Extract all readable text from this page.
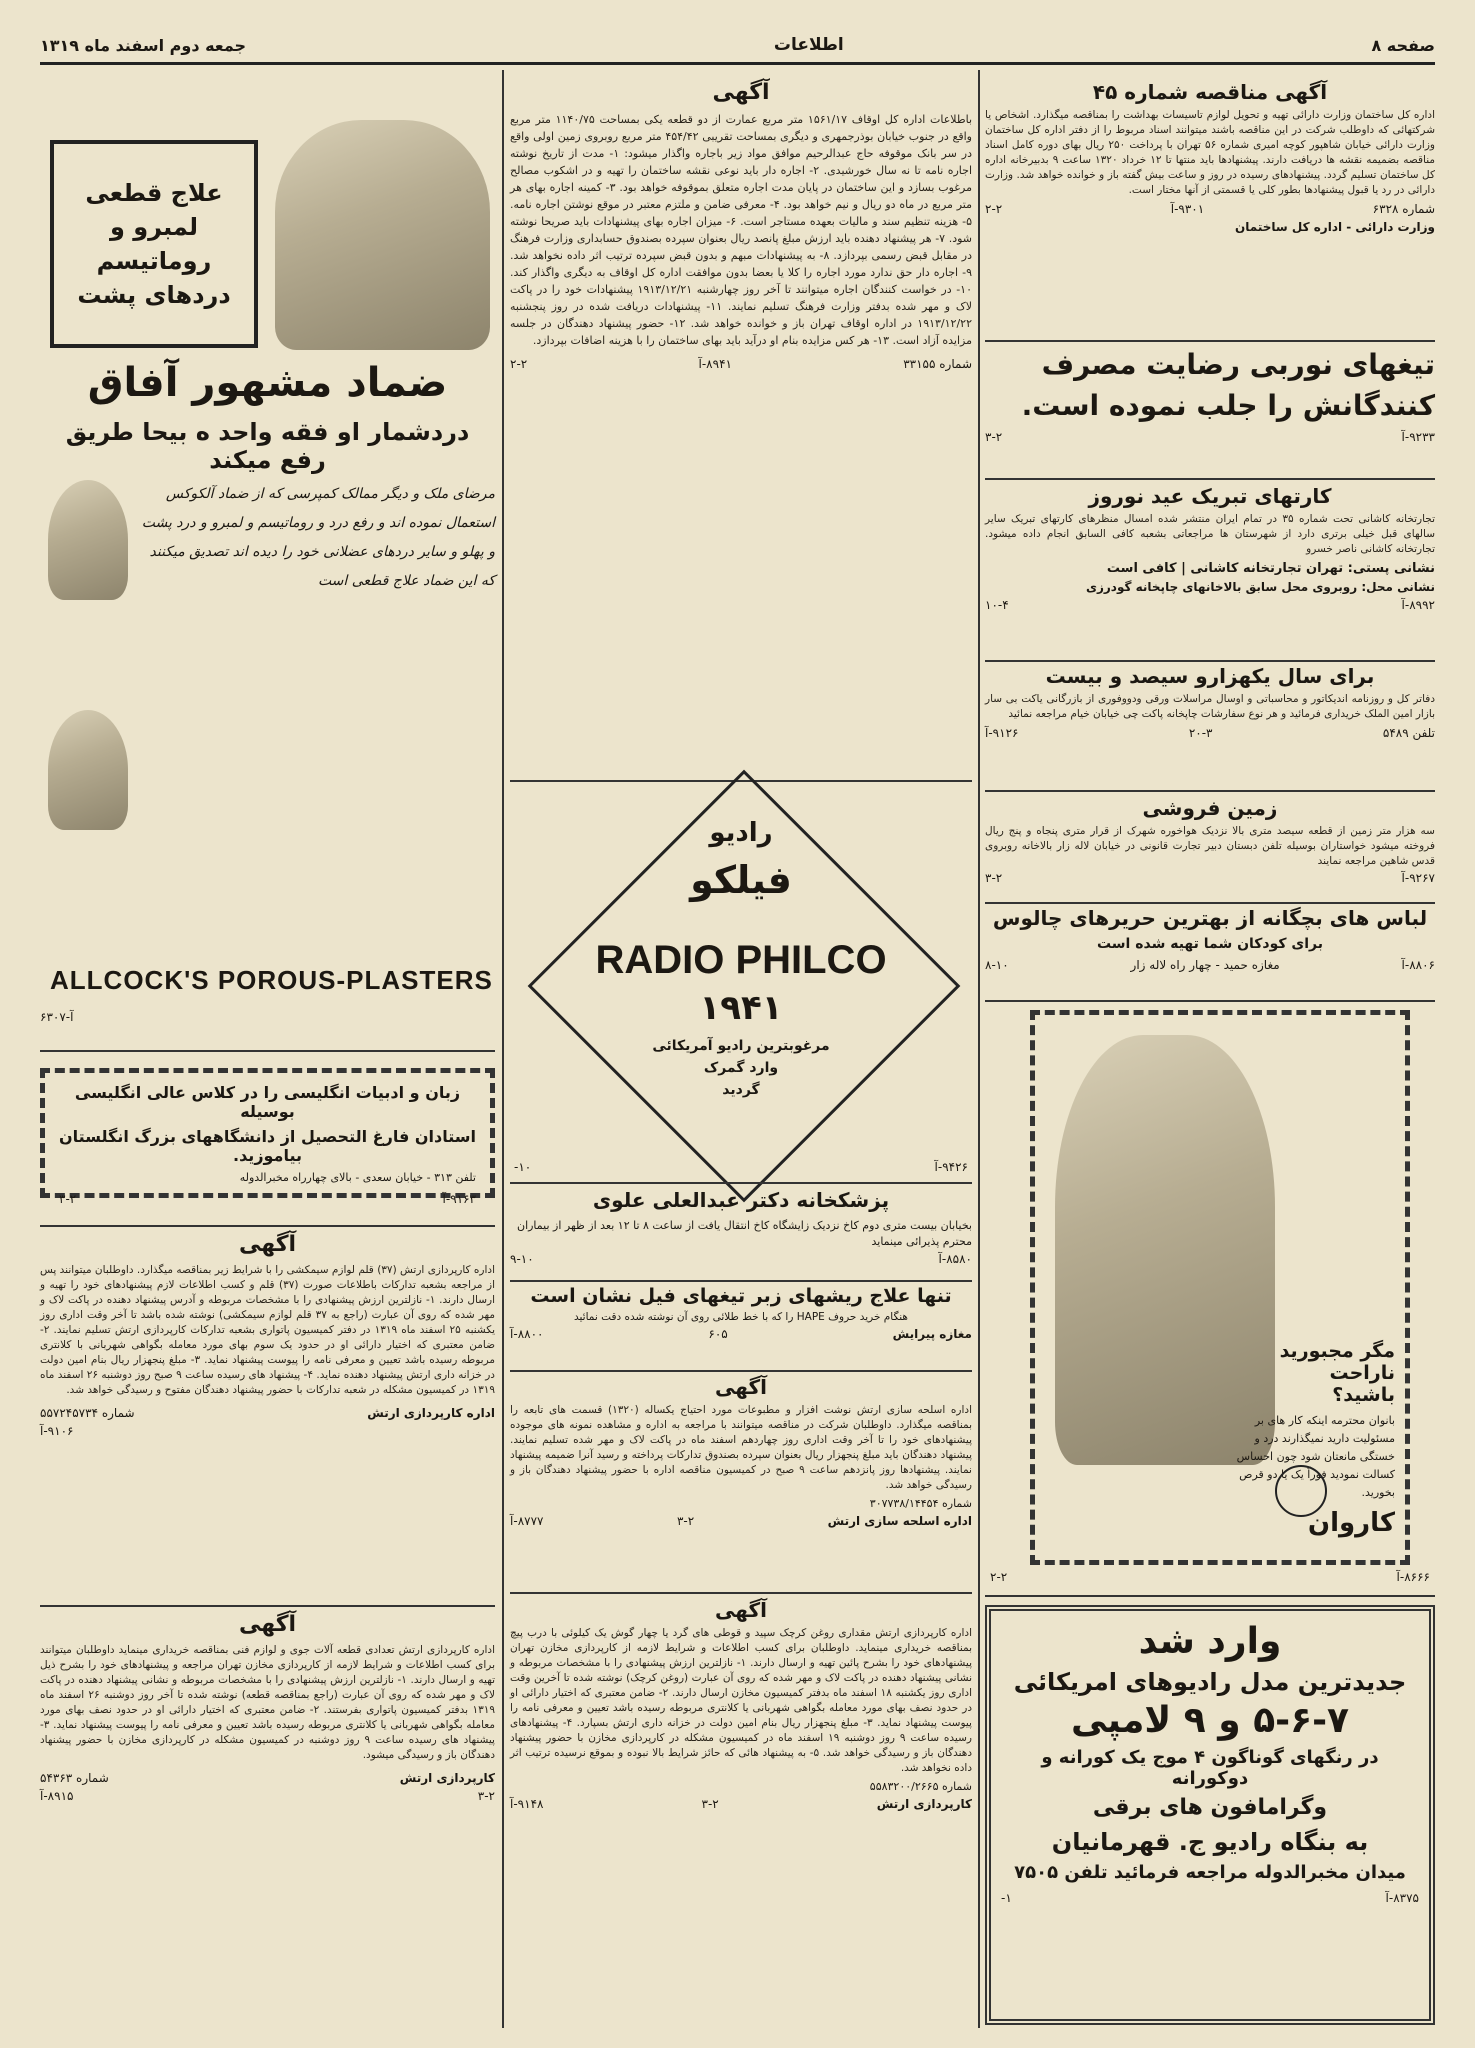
جمعه دوم اسفند ماه ۱۳۱۹	اطلاعات	صفحه ۸
علاج قطعی لمبرو و روماتیسم دردهای پشت
ضماد مشهور آفاق
دردشمار او فقه واحد ه بیحا طریق رفع میکند
مرضای ملک و دیگر ممالک کمپرسی که از ضماد آلکوکس استعمال نموده اند و رفع درد و روماتیسم و لمبرو و درد پشت و پهلو و سایر دردهای عضلانی خود را دیده اند تصدیق میکنند که این ضماد علاج قطعی است
ALLCOCK'S POROUS-PLASTERS
آ-۶۳۰۷
زبان و ادبیات انگلیسی را در کلاس عالی انگلیسی بوسیله
استادان فارغ التحصیل از دانشگاههای بزرگ انگلستان بیاموزید.
تلفن ۳۱۳ - خیابان سعدی - بالای چهارراه مخبرالدوله
۹۱۶۳-آ
۳-۲
آگهی
اداره کارپردازی ارتش (۳۷) قلم لوازم سیمکشی را با شرایط زیر بمناقصه میگذارد. داوطلبان میتوانند پس از مراجعه بشعبه تدارکات باطلاعات صورت (۳۷) قلم و کسب اطلاعات لازم پیشنهادهای خود را تهیه و ارسال دارند. ۱- نازلترین ارزش پیشنهادی را با مشخصات مربوطه و آدرس پیشنهاد دهنده در پاکت لاک و مهر شده که روی آن عبارت (راجع به ۳۷ قلم لوازم سیمکشی) نوشته شده باشد تا آخر وقت اداری روز یکشنبه ۲۵ اسفند ماه ۱۳۱۹ در دفتر کمیسیون پاتواری بشعبه تدارکات کارپردازی ارتش تسلیم نمایند. ۲- ضامن معتبری که اختیار دارائی او در حدود یک سوم بهای مورد معامله بگواهی شهربانی با کلانتری مربوطه رسیده باشد تعیین و معرفی نامه را پیوست پیشنهاد نماید. ۳- مبلغ پنجهزار ریال بنام امین دولت در خزانه داری ارتش پیشنهاد دهنده نماید. ۴- پیشنهاد های رسیده ساعت ۹ صبح روز دوشنبه ۲۶ اسفند ماه ۱۳۱۹ در کمیسیون مشکله در شعبه تدارکات با حضور پیشنهاد دهندگان مفتوح و رسیدگی خواهد شد.
اداره کارپردازی ارتش
شماره ۵۵۷۲۴۵۷۳۴
۹۱۰۶-آ
آگهی
اداره کارپردازی ارتش تعدادی قطعه آلات جوی و لوازم فنی بمناقصه خریداری مینماید داوطلبان میتوانند برای کسب اطلاعات و شرایط لازمه از کارپردازی مخازن تهران مراجعه و پیشنهادهای خود را بشرح ذیل تهیه و ارسال دارند. ۱- نازلترین ارزش پیشنهادی را با مشخصات مربوطه و نشانی پیشنهاد دهنده در پاکت لاک و مهر شده که روی آن عبارت (راجع بمناقصه قطعه) نوشته شده تا آخر روز دوشنبه ۲۶ اسفند ماه ۱۳۱۹ بدفتر کمیسیون پاتواری بفرستند. ۲- ضامن معتبری که اختیار دارائی او در حدود نصف بهای مورد معامله بگواهی شهربانی یا کلانتری مربوطه رسیده باشد تعیین و معرفی نامه را پیوست پیشنهاد نماید. ۳- پیشنهاد های رسیده ساعت ۹ روز دوشنبه در کمیسیون مشکله در کارپردازی مخازن با حضور پیشنهاد دهندگان باز و رسیدگی میشود.
کارپردازی ارتش
شماره ۵۴۳۶۳
۳-۲
۸۹۱۵-آ
آگهی
باطلاعات اداره کل اوقاف ۱۵۶۱/۱۷ متر مربع عمارت از دو قطعه یکی بمساحت ۱۱۴۰/۷۵ متر مربع واقع در جنوب خیابان بوذرجمهری و دیگری بمساحت تقریبی ۴۵۴/۴۲ متر مربع روبروی زمین اولی واقع در سر بانک موقوفه حاج عبدالرحیم موافق مواد زیر باجاره واگذار میشود: ۱- مدت از تاریخ نوشته اجاره نامه تا نه سال خورشیدی. ۲- اجاره دار باید نوعی نقشه ساختمان را تهیه و در اشکوب مصالح مرغوب بسازد و این ساختمان در پایان مدت اجاره متعلق بموقوفه خواهد بود. ۳- کمینه اجاره بهای هر متر مربع در ماه دو ریال و نیم خواهد بود. ۴- معرفی ضامن و ملتزم معتبر در موقع نوشتن اجاره نامه. ۵- هزینه تنظیم سند و مالیات بعهده مستاجر است. ۶- میزان اجاره بهای پیشنهادات باید صریحا نوشته شود. ۷- هر پیشنهاد دهنده باید ارزش مبلغ پانصد ریال بعنوان سپرده بصندوق حسابداری وزارت فرهنگ در مقابل قبض رسمی بپردازد. ۸- به پیشنهادات مبهم و بدون قبض سپرده ترتیب اثر داده نخواهد شد. ۹- اجاره دار حق ندارد مورد اجاره را کلا یا بعضا بدون موافقت اداره کل اوقاف به دیگری واگذار کند. ۱۰- در خواست کنندگان اجاره میتوانند تا آخر روز چهارشنبه ۱۹۱۳/۱۲/۲۱ پیشنهادات خود را در پاکت لاک و مهر شده بدفتر وزارت فرهنگ تسلیم نمایند. ۱۱- پیشنهادات دریافت شده در روز پنجشنبه ۱۹۱۳/۱۲/۲۲ در اداره اوقاف تهران باز و خوانده خواهد شد. ۱۲- حضور پیشنهاد دهندگان در جلسه مزایده آزاد است. ۱۳- هر کس مزایده بنام او درآید باید بهای ساختمان را با هزینه اضافات بپردازد.
شماره ۳۳۱۵۵
۸۹۴۱-آ
۲-۲
رادیو
فیلکو
RADIO PHILCO
۱۹۴۱
مرغوبترین رادیو آمریکائی
وارد گمرک
گردید
۹۴۲۶-آ
۱۰-
پزشکخانه دکتر عبدالعلی علوی
بخیابان بیست متری دوم کاخ نزدیک زایشگاه کاخ انتقال یافت از ساعت ۸ تا ۱۲ بعد از ظهر از بیماران محترم پذیرائی مینماید
۸۵۸۰-آ
۹-۱۰
تنها علاج ریشهای زبر تیغهای فیل نشان است
هنگام خرید حروف HAPE را که با خط طلائی روی آن نوشته شده دقت نمائید
مغازه پیرایش
۶۰۵
۸۸۰۰-آ
آگهی
اداره اسلحه سازی ارتش نوشت افزار و مطبوعات مورد احتیاج یکساله (۱۳۲۰) قسمت های تابعه را بمناقصه میگذارد. داوطلبان شرکت در مناقصه میتوانند با مراجعه به اداره و مشاهده نمونه های موجوده پیشنهادهای خود را تا آخر وقت اداری روز چهاردهم اسفند ماه در پاکت لاک و مهر شده تسلیم نمایند. پیشنهاد دهندگان باید مبلغ پنجهزار ریال بعنوان سپرده بصندوق تدارکات پرداخته و رسید آنرا ضمیمه پیشنهاد نمایند. پیشنهادها روز پانزدهم ساعت ۹ صبح در کمیسیون مناقصه اداره با حضور پیشنهاد دهندگان باز و رسیدگی خواهد شد.
شماره ۳۰۷۷۳۸/۱۴۴۵۴
اداره اسلحه سازی ارتش
۳-۲
۸۷۷۷-آ
آگهی
اداره کارپردازی ارتش مقداری روغن کرچک سپید و قوطی های گرد یا چهار گوش یک کیلوئی با درب پیچ بمناقصه خریداری مینماید. داوطلبان برای کسب اطلاعات و شرایط لازمه از کارپردازی مخازن تهران پیشنهادهای خود را بشرح پائین تهیه و ارسال دارند. ۱- نازلترین ارزش پیشنهادی را با مشخصات مربوطه و نشانی پیشنهاد دهنده در پاکت لاک و مهر شده که روی آن عبارت (روغن کرچک) نوشته شده تا آخرین وقت اداری روز یکشنبه ۱۸ اسفند ماه بدفتر کمیسیون مخازن ارسال دارند. ۲- ضامن معتبری که اختیار دارائی او در حدود نصف بهای مورد معامله بگواهی شهربانی یا کلانتری مربوطه رسیده باشد تعیین و معرفی نامه را پیوست پیشنهاد نماید. ۳- مبلغ پنجهزار ریال بنام امین دولت در خزانه داری ارتش بسپارد. ۴- پیشنهادهای رسیده ساعت ۹ روز دوشنبه ۱۹ اسفند ماه در کمیسیون مشکله در کارپردازی مخازن با حضور پیشنهاد دهندگان باز و رسیدگی خواهد شد. ۵- به پیشنهاد هائی که حائز شرایط بالا نبوده و بموقع نرسیده ترتیب اثر داده نخواهد شد.
شماره ۵۵۸۳۲۰۰/۲۶۶۵
کارپردازی ارتش
۳-۲
۹۱۴۸-آ
آگهی مناقصه شماره ۴۵
اداره کل ساختمان وزارت دارائی تهیه و تحویل لوازم تاسیسات بهداشت را بمناقصه میگذارد. اشخاص یا شرکتهائی که داوطلب شرکت در این مناقصه باشند میتوانند اسناد مربوط را از دفتر اداره کل ساختمان وزارت دارائی خیابان شاهپور کوچه امیری شماره ۵۶ تهران با پرداخت ۲۵۰ ریال بهای دوره کامل اسناد مناقصه بضمیمه نقشه ها دریافت دارند. پیشنهادها باید منتها تا ۱۲ خرداد ۱۳۲۰ ساعت ۹ بدبیرخانه اداره کل ساختمان تسلیم گردد. پیشنهادهای رسیده در روز و ساعت بیش گفته باز و خوانده خواهد شد. وزارت دارائی در رد یا قبول پیشنهادها بطور کلی یا قسمتی از آنها مختار است.
شماره ۶۳۲۸
۹۳۰۱-آ
۲-۲
وزارت دارائی - اداره کل ساختمان
تیغهای نوربی رضایت مصرف
کنندگانش را جلب نموده است.
۹۲۳۳-آ
۳-۲
کارتهای تبریک عید نوروز
تجارتخانه کاشانی تحت شماره ۳۵ در تمام ایران منتشر شده امسال منظرهای کارتهای تبریک سایر سالهای قبل خیلی برتری دارد از شهرستان ها مراجعاتی بشعبه کافی السابق انجام داده میشود. تجارتخانه کاشانی ناصر خسرو
نشانی پستی: تهران تجارتخانه کاشانی | کافی است
نشانی محل: روبروی محل سابق بالاخانهای چاپخانه گودرزی
۸۹۹۲-آ
۱۰-۴
برای سال یکهزارو سیصد و بیست
دفاتر کل و روزنامه اندیکاتور و محاسباتی و اوسال مراسلات ورقی ودووفوری از بازرگانی یاکت بی سار بازار امین الملک خریداری فرمائید و هر نوع سفارشات چاپخانه پاکت چی خیابان خیام مراجعه نمائید
تلفن ۵۴۸۹
۲۰-۳
۹۱۲۶-آ
زمین فروشی
سه هزار متر زمین از قطعه سیصد متری بالا نزدیک هواخوره شهرک از قرار متری پنجاه و پنج ریال فروخته میشود خواستاران بوسیله تلفن دبستان دبیر تجارت قانونی در خیابان لاله زار بالاخانه روبروی قدس شاهین مراجعه نمایند
۹۲۶۷-آ
۳-۲
لباس های بچگانه از بهترین حریرهای چالوس
برای کودکان شما تهیه شده است
۸۸۰۶-آ
مغازه حمید - چهار راه لاله زار
۸-۱۰
مگر مجبورید ناراحت
باشید؟
بانوان محترمه اینکه کار های بر مسئولیت دارید نمیگذارند درد و خستگی مانعتان شود چون احساس کسالت نمودید فوراً یک یا دو قرص بخورید.
کاروان
۸۶۶۶-آ
۲-۲
وارد شد
جدیدترین مدل رادیوهای امریکائی
۵-۶-۷ و ۹ لامپی
در رنگهای گوناگون ۴ موج یک کورانه و دوکورانه
وگرامافون های برقی
به بنگاه رادیو ج. قهرمانیان
میدان مخبرالدوله مراجعه فرمائید تلفن ۷۵۰۵
۸۳۷۵-آ
۱-
